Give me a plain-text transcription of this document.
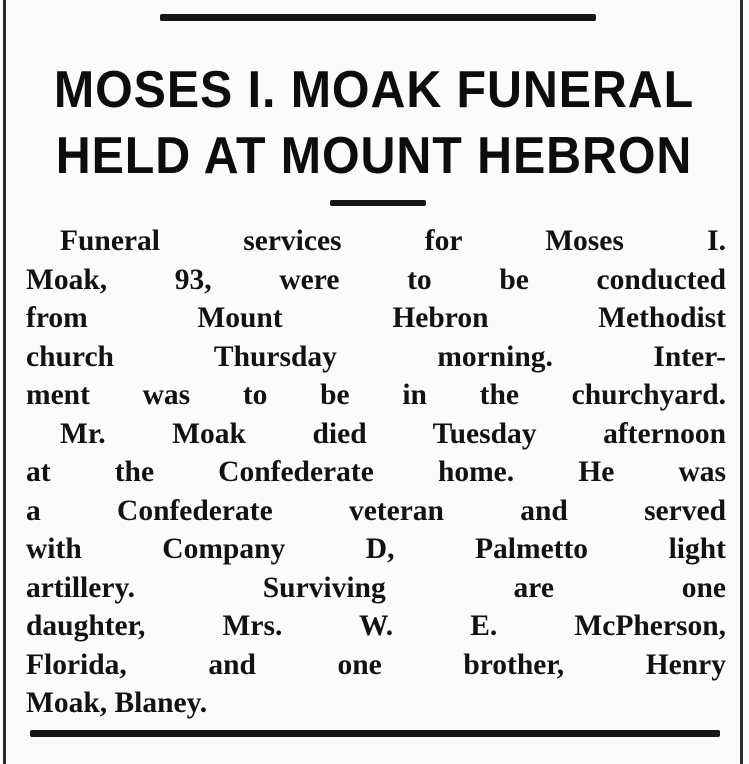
MOSES I. MOAK FUNERAL
HELD AT MOUNT HEBRON
Funeral services for Moses I.
Moak, 93, were to be conducted
from Mount Hebron Methodist
church Thursday morning. Inter-
ment was to be in the churchyard.
Mr. Moak died Tuesday afternoon
at the Confederate home. He was
a Confederate veteran and served
with Company D, Palmetto light
artillery. Surviving are one
daughter, Mrs. W. E. McPherson,
Florida, and one brother, Henry
Moak, Blaney.
